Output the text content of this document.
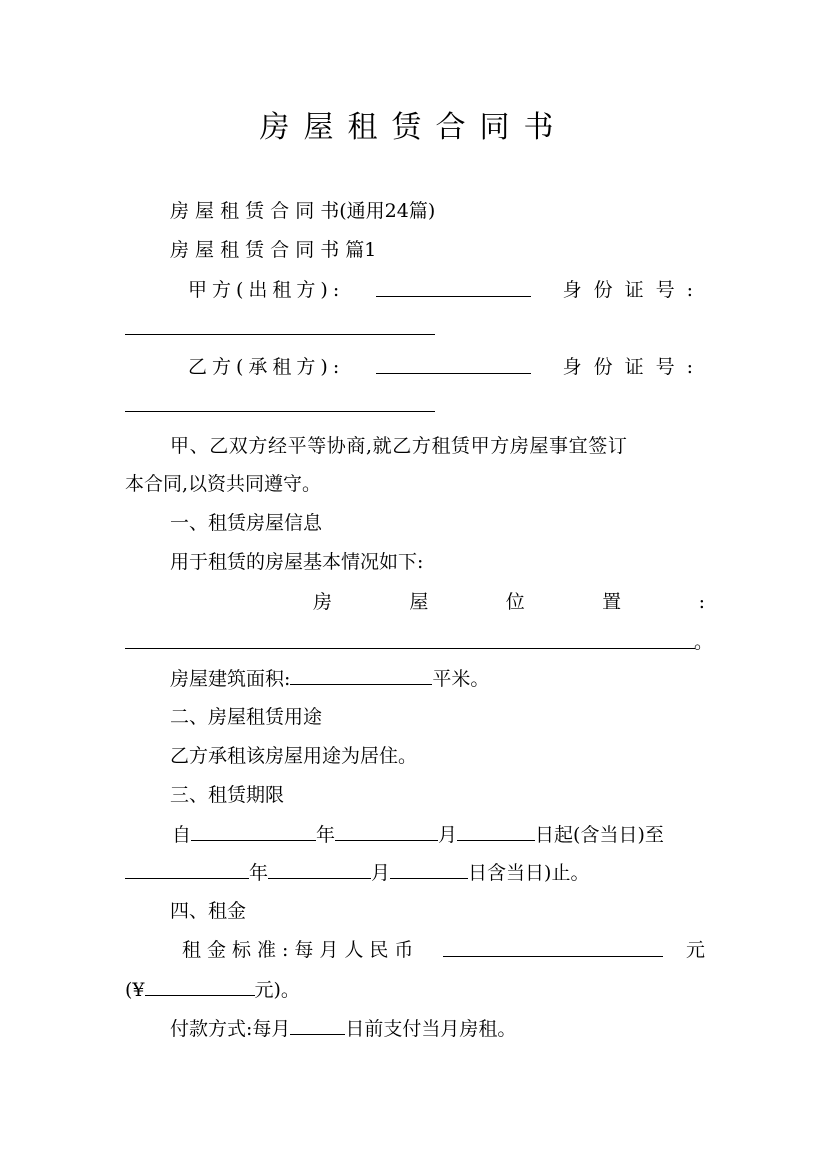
房屋租赁合同书
房 屋 租 赁 合 同 书(通用24篇)
房 屋 租 赁 合 同 书 篇1
甲方(出租方):	身份证号:
乙方(承租方):	身份证号:
甲、乙双方经平等协商,就乙方租赁甲方房屋事宜签订
本合同,以资共同遵守。
一、租赁房屋信息
用于租赁的房屋基本情况如下:
房	屋	位	置	:
。
房屋建筑面积:	平米。
二、房屋租赁用途
乙方承租该房屋用途为居住。
三、租赁期限
自	年	月	日起(含当日)至
年	月	日含当日)止。
四、租金
租金标准:每月人民币	元
(¥	元)。
付款方式:每月	日前支付当月房租。
